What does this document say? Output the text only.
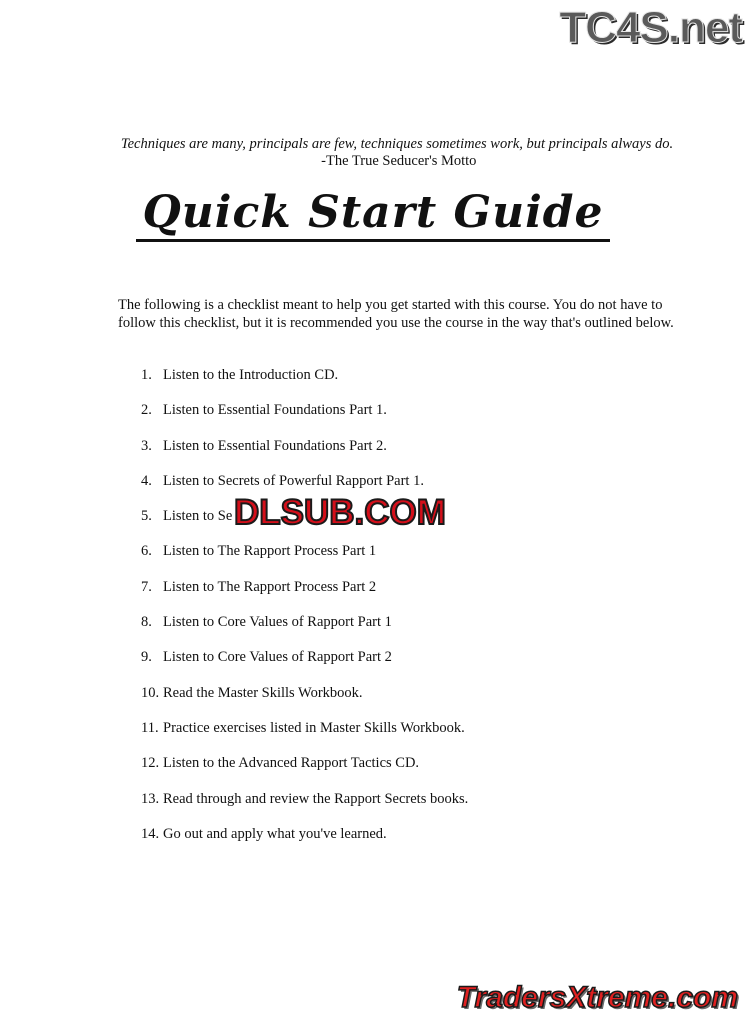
TC4S.net
Techniques are many, principals are few, techniques sometimes work, but principals always do.  -The True Seducer's Motto
Quick Start Guide
The following is a checklist meant to help you get started with this course. You do not have to follow this checklist, but it is recommended you use the course in the way that's outlined below.
1. Listen to the Introduction CD.
2. Listen to Essential Foundations Part 1.
3. Listen to Essential Foundations Part 2.
4. Listen to Secrets of Powerful Rapport Part 1.
5. Listen to Se
6. Listen to The Rapport Process Part 1
7. Listen to The Rapport Process Part 2
8. Listen to Core Values of Rapport Part 1
9. Listen to Core Values of Rapport Part 2
10. Read the Master Skills Workbook.
11. Practice exercises listed in Master Skills Workbook.
12. Listen to the Advanced Rapport Tactics CD.
13. Read through and review the Rapport Secrets books.
14. Go out and apply what you've learned.
DLSUB.COM
TradersXtreme.com
